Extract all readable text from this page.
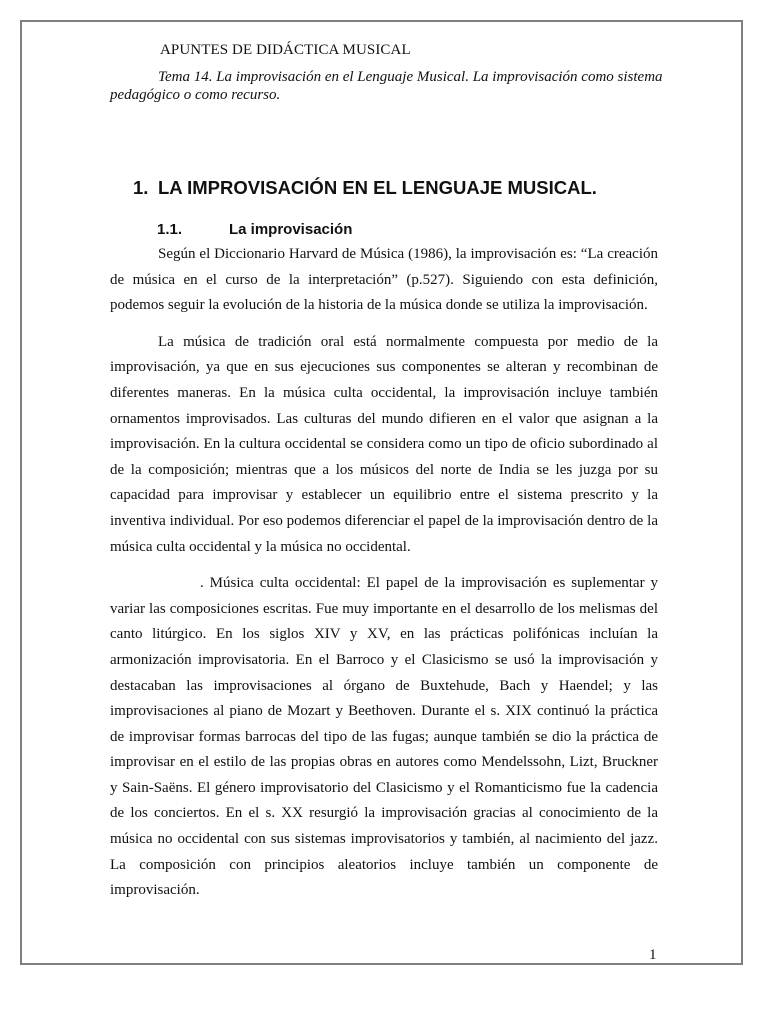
APUNTES DE DIDÁCTICA MUSICAL
Tema 14. La improvisación en el Lenguaje Musical. La improvisación como sistema pedagógico o como recurso.
1. LA IMPROVISACIÓN EN EL LENGUAJE MUSICAL.
1.1.	La improvisación

Según el Diccionario Harvard de Música (1986), la improvisación es: “La creación de música en el curso de la interpretación” (p.527). Siguiendo con esta definición, podemos seguir la evolución de la historia de la música donde se utiliza la improvisación.

La música de tradición oral está normalmente compuesta por medio de la improvisación, ya que en sus ejecuciones sus componentes se alteran y recombinan de diferentes maneras. En la música culta occidental, la improvisación incluye también ornamentos improvisados. Las culturas del mundo difieren en el valor que asignan a la improvisación. En la cultura occidental se considera como un tipo de oficio subordinado al de la composición; mientras que a los músicos del norte de India se les juzga por su capacidad para improvisar y establecer un equilibrio entre el sistema prescrito y la inventiva individual. Por eso podemos diferenciar el papel de la improvisación dentro de la música culta occidental y la música no occidental.

. Música culta occidental: El papel de la improvisación es suplementar y variar las composiciones escritas. Fue muy importante en el desarrollo de los melismas del canto litúrgico. En los siglos XIV y XV, en las prácticas polifónicas incluían la armonización improvisatoria. En el Barroco y el Clasicismo se usó la improvisación y destacaban las improvisaciones al órgano de Buxtehude, Bach y Haendel; y las improvisaciones al piano de Mozart y Beethoven. Durante el s. XIX continuó la práctica de improvisar formas barrocas del tipo de las fugas; aunque también se dio la práctica de improvisar en el estilo de las propias obras en autores como Mendelssohn, Lizt, Bruckner y Sain-Saëns. El género improvisatorio del Clasicismo y el Romanticismo fue la cadencia de los conciertos. En el s. XX resurgió la improvisación gracias al conocimiento de la música no occidental con sus sistemas improvisatorios y también, al nacimiento del jazz. La composición con principios aleatorios incluye también un componente de improvisación.

1
